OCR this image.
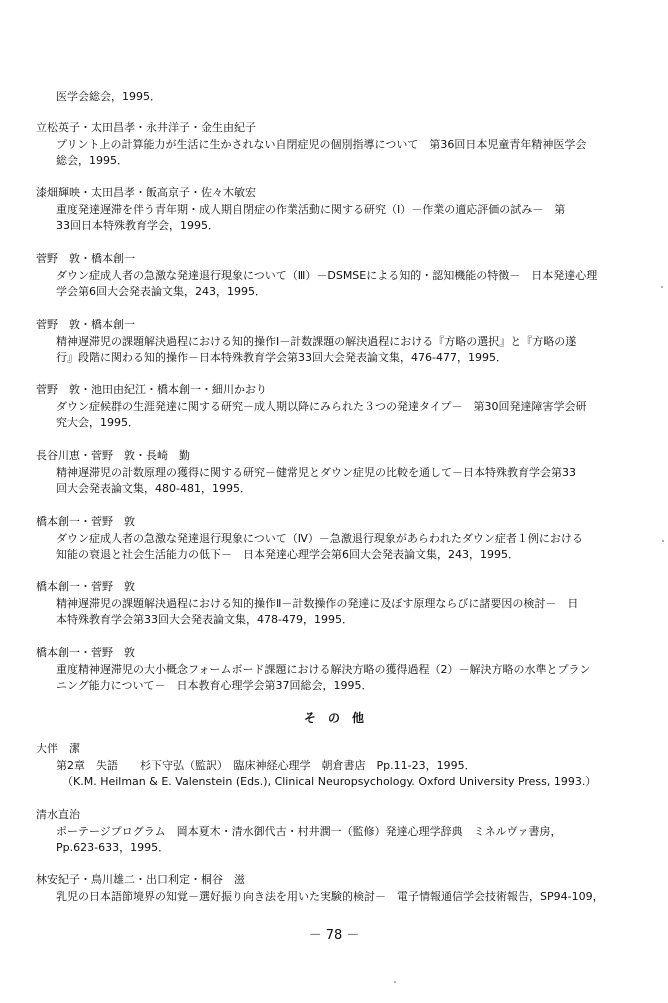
医学会総会，1995．
立松英子・太田昌孝・永井洋子・金生由紀子
プリント上の計算能力が生活に生かされない自閉症児の個別指導について　第36回日本児童青年精神医学会
総会，1995．
漆畑輝映・太田昌孝・飯高京子・佐々木敏宏
重度発達遅滞を伴う青年期・成人期自閉症の作業活動に関する研究（Ⅰ）－作業の適応評価の試み－　第
33回日本特殊教育学会，1995．
菅野　敦・橋本創一
ダウン症成人者の急激な発達退行現象について（Ⅲ）－DSMSEによる知的・認知機能の特徴－　日本発達心理
学会第6回大会発表論文集，243，1995．
菅野　敦・橋本創一
精神遅滞児の課題解決過程における知的操作Ⅰ－計数課題の解決過程における『方略の選択』と『方略の遂
行』段階に関わる知的操作－日本特殊教育学会第33回大会発表論文集，476-477，1995．
菅野　敦・池田由紀江・橋本創一・細川かおり
ダウン症候群の生涯発達に関する研究－成人期以降にみられた３つの発達タイプ－　第30回発達障害学会研
究大会，1995．
長谷川恵・菅野　敦・長崎　勤
精神遅滞児の計数原理の獲得に関する研究－健常児とダウン症児の比較を通して－日本特殊教育学会第33
回大会発表論文集，480-481，1995．
橋本創一・菅野　敦
ダウン症成人者の急激な発達退行現象について（Ⅳ）－急激退行現象があらわれたダウン症者１例における
知能の衰退と社会生活能力の低下－　日本発達心理学会第6回大会発表論文集，243，1995．
橋本創一・菅野　敦
精神遅滞児の課題解決過程における知的操作Ⅱ－計数操作の発達に及ぼす原理ならびに諸要因の検討－　日
本特殊教育学会第33回大会発表論文集，478-479，1995．
橋本創一・菅野　敦
重度精神遅滞児の大小概念フォームボード課題における解決方略の獲得過程（2）－解決方略の水準とプラン
ニング能力について－　日本教育心理学会第37回総会，1995．
そ　の　他
大伴　潔
第2章　失語　　杉下守弘（監訳）　臨床神経心理学　朝倉書店　Pp.11-23，1995．
（K.M. Heilman & E. Valenstein (Eds.), Clinical Neuropsychology. Oxford University Press, 1993.）
清水直治
ポーテージプログラム　岡本夏木・清水御代古・村井潤一（監修）発達心理学辞典　ミネルヴァ書房，
Pp.623-633，1995．
林安紀子・鳥川雄二・出口利定・桐谷　滋
乳児の日本語節境界の知覚－選好振り向き法を用いた実験的検討－　電子情報通信学会技術報告，SP94-109，
－ 78 －
